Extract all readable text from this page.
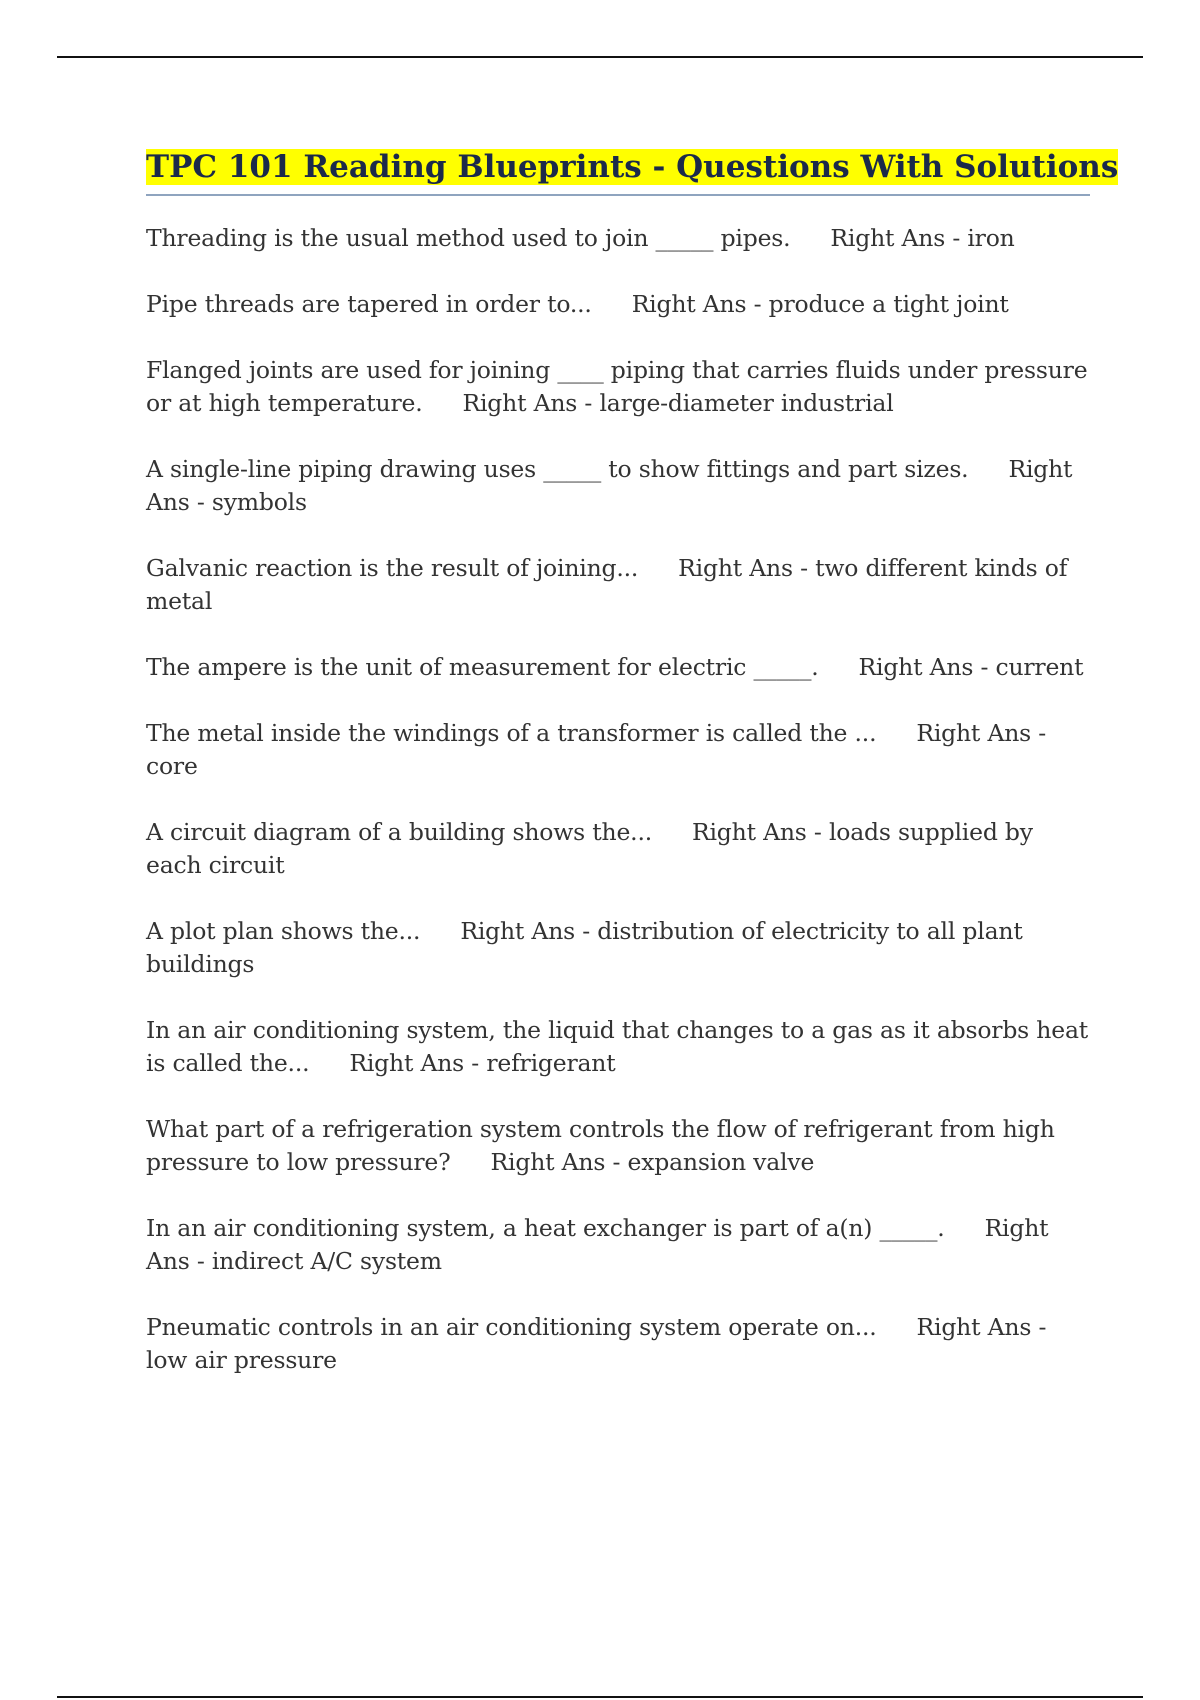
TPC 101 Reading Blueprints - Questions With Solutions

Threading is the usual method used to join _____ pipes. Right Ans - iron

Pipe threads are tapered in order to... Right Ans - produce a tight joint

Flanged joints are used for joining ____ piping that carries fluids under pressure or at high temperature. Right Ans - large-diameter industrial

A single-line piping drawing uses _____ to show fittings and part sizes. Right Ans - symbols

Galvanic reaction is the result of joining... Right Ans - two different kinds of metal

The ampere is the unit of measurement for electric _____. Right Ans - current

The metal inside the windings of a transformer is called the ... Right Ans - core

A circuit diagram of a building shows the... Right Ans - loads supplied by each circuit

A plot plan shows the... Right Ans - distribution of electricity to all plant buildings

In an air conditioning system, the liquid that changes to a gas as it absorbs heat is called the... Right Ans - refrigerant

What part of a refrigeration system controls the flow of refrigerant from high pressure to low pressure? Right Ans - expansion valve

In an air conditioning system, a heat exchanger is part of a(n) _____. Right Ans - indirect A/C system

Pneumatic controls in an air conditioning system operate on... Right Ans - low air pressure
